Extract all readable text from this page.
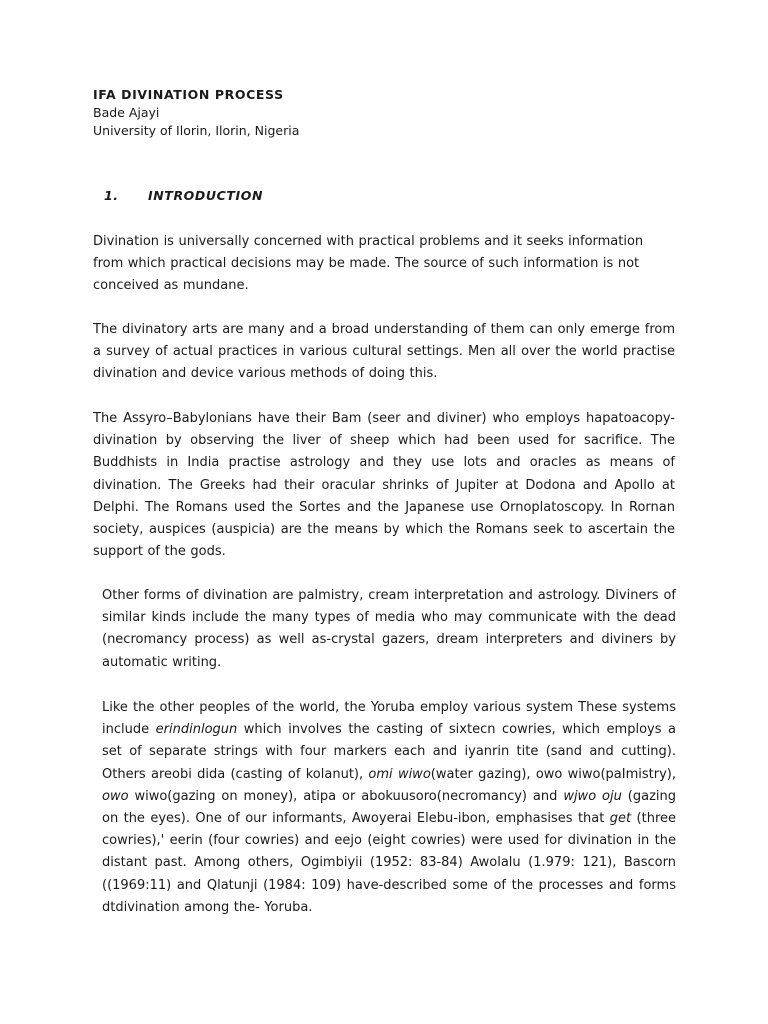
IFA DIVINATION PROCESS
Bade Ajayi
University of Ilorin, Ilorin, Nigeria
1. INTRODUCTION

Divination is universally concerned with practical problems and it seeks information from which practical decisions may be made. The source of such information is not conceived as mundane.

The divinatory arts are many and a broad understanding of them can only emerge from a survey of actual practices in various cultural settings. Men all over the world practise divination and device various methods of doing this.

The Assyro–Babylonians have their Bam (seer and diviner) who employs hapatoacopy-divination by observing the liver of sheep which had been used for sacrifice. The Buddhists in India practise astrology and they use lots and oracles as means of divination. The Greeks had their oracular shrinks of Jupiter at Dodona and Apollo at Delphi. The Romans used the Sortes and the Japanese use Ornoplatoscopy. In Rornan society, auspices (auspicia) are the means by which the Romans seek to ascertain the support of the gods.

Other forms of divination are palmistry, cream interpretation and astrology. Diviners of similar kinds include the many types of media who may communicate with the dead (necromancy process) as well as-crystal gazers, dream interpreters and diviners by automatic writing.

Like the other peoples of the world, the Yoruba employ various system These systems include erindinlogun which involves the casting of sixtecn cowries, which employs a set of separate strings with four markers each and iyanrin tite (sand and cutting). Others areobi dida (casting of kolanut), omi wiwo(water gazing), owo wiwo(paImistry), owo wiwo(gazing on money), atipa or abokuusoro(necromancy) and wjwo oju (gazing on the eyes). One of our informants, Awoyerai Elebu-ibon, emphasises that get (three cowries),' eerin (four cowries) and eejo (eight cowries) were used for divination in the distant past. Among others, Ogimbiyii (1952: 83-84) Awolalu (1.979: 121), Bascorn ((1969:11) and Qlatunji (1984: 109) have-described some of the processes and forms dtdivination among the- Yoruba.
